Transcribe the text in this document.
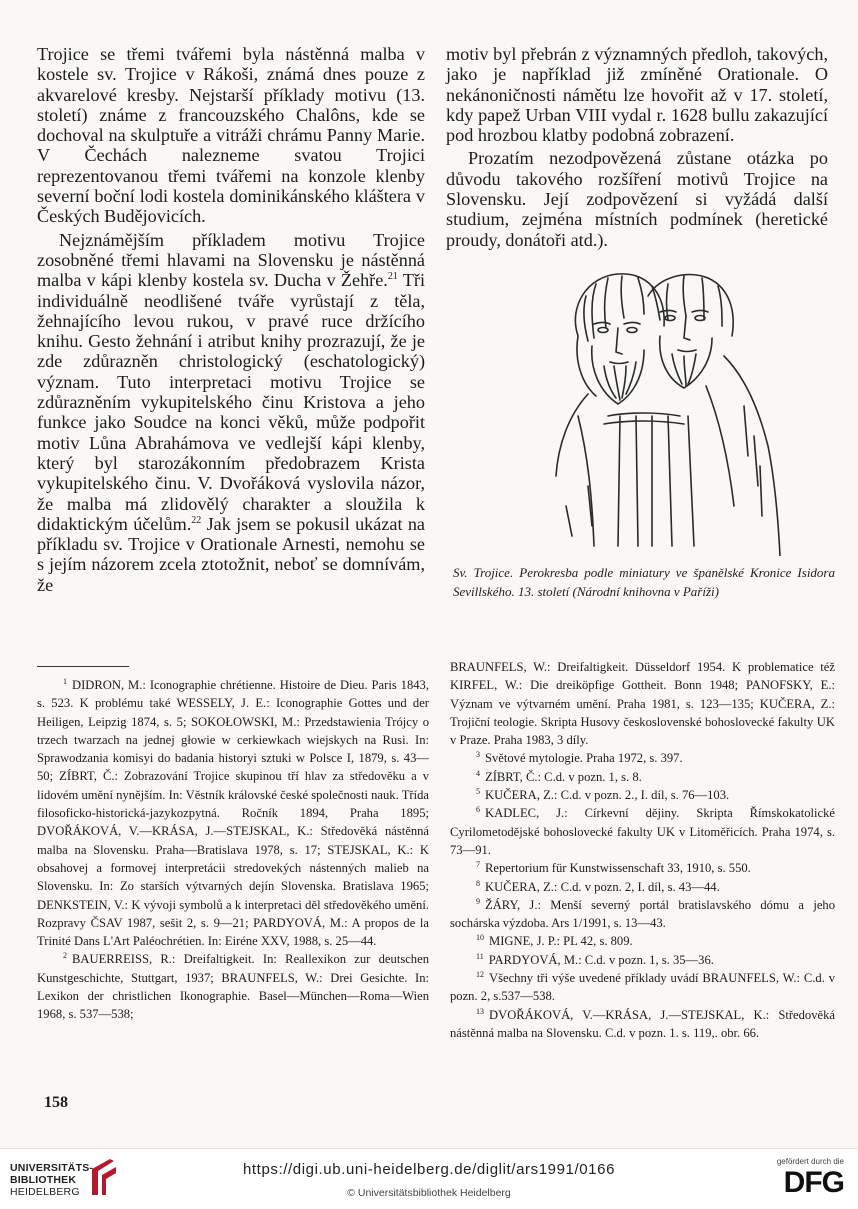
Trojice se třemi tvářemi byla nástěnná malba v kostele sv. Trojice v Rákoši, známá dnes pouze z akvarelové kresby. Nejstarší příklady motivu (13. století) známe z francouzského Chalôns, kde se dochoval na skulptuře a vitráži chrámu Panny Marie. V Čechách nalezneme svatou Trojici reprezentovanou třemi tvářemi na konzole klenby severní boční lodi kostela dominikánského kláštera v Českých Budějovicích.

Nejznámějším příkladem motivu Trojice zosobněné třemi hlavami na Slovensku je nástěnná malba v kápi klenby kostela sv. Ducha v Žehře.$^{21}$ Tři individuálně neodlišené tváře vyrůstají z těla, žehnajícího levou rukou, v pravé ruce držícího knihu. Gesto žehnání i atribut knihy prozrazují, že je zde zdůrazněn christologický (eschatologický) význam. Tuto interpretaci motivu Trojice se zdůrazněním vykupitelského činu Kristova a jeho funkce jako Soudce na konci věků, může podpořit motiv Lůna Abrahámova ve vedlejší kápi klenby, který byl starozákonním předobrazem Krista vykupitelského činu. V. Dvořáková vyslovila názor, že malba má zlidovělý charakter a sloužila k didaktickým účelům.$^{22}$ Jak jsem se pokusil ukázat na příkladu sv. Trojice v Orationale Arnesti, nemohu se s jejím názorem zcela ztotožnit, neboť se domnívám, že

motiv byl přebrán z významných předloh, takových, jako je například již zmíněné Orationale. O nekánoničnosti námětu lze hovořit až v 17. století, kdy papež Urban VIII vydal r. 1628 bullu zakazující pod hrozbou klatby podobná zobrazení.

Prozatím nezodpovězená zůstane otázka po důvodu takového rozšíření motivů Trojice na Slovensku. Její zodpovězení si vyžádá další studium, zejména místních podmínek (heretické proudy, donátoři atd.).

Sv. Trojice. Perokresba podle miniatury ve španělské Kronice Isidora Sevillského. 13. století (Národní knihovna v Paříži)

$^1$ DIDRON, M.: Iconographie chrétienne. Histoire de Dieu. Paris 1843, s. 523. K problému také WESSELY, J. E.: Iconographie Gottes und der Heiligen, Leipzig 1874, s. 5; SOKOŁOWSKI, M.: Przedstawienia Trójcy o trzech twarzach na jednej głowie w cerkiewkach wiejskych na Rusi. In: Sprawodzania komisyi do badania historyi sztuki w Polsce I, 1879, s. 43—50; ZÍBRT, Č.: Zobrazování Trojice skupinou tří hlav za středověku a v lidovém umění nynějším. In: Věstník královské české společnosti nauk. Třída filosoficko-historická-jazykozpytná. Ročník 1894, Praha 1895; DVOŘÁKOVÁ, V.—KRÁSA, J.—STEJSKAL, K.: Středověká nástěnná malba na Slovensku. Praha—Bratislava 1978, s. 17; STEJSKAL, K.: K obsahovej a formovej interpretácii stredovekých nástenných malieb na Slovensku. In: Zo starších výtvarných dejín Slovenska. Bratislava 1965; DENKSTEIN, V.: K vývoji symbolů a k interpretaci děl středověkého umění. Rozpravy ČSAV 1987, sešit 2, s. 9—21; PARDYOVÁ, M.: A propos de la Trinité Dans L'Art Paléochrétien. In: Eiréne XXV, 1988, s. 25—44.

$^2$ BAUERREISS, R.: Dreifaltigkeit. In: Reallexikon zur deutschen Kunstgeschichte, Stuttgart, 1937; BRAUNFELS, W.: Drei Gesichte. In: Lexikon der christlichen Ikonographie. Basel—München—Roma—Wien 1968, s. 537—538;

BRAUNFELS, W.: Dreifaltigkeit. Düsseldorf 1954. K problematice též KIRFEL, W.: Die dreiköpfige Gottheit. Bonn 1948; PANOFSKY, E.: Význam ve výtvarném umění. Praha 1981, s. 123—135; KUČERA, Z.: Trojiční teologie. Skripta Husovy československé bohoslovecké fakulty UK v Praze. Praha 1983, 3 díly.

$^3$ Světové mytologie. Praha 1972, s. 397.

$^4$ ZÍBRT, Č.: C.d. v pozn. 1, s. 8.

$^5$ KUČERA, Z.: C.d. v pozn. 2., I. díl, s. 76—103.

$^6$ KADLEC, J.: Církevní dějiny. Skripta Římskokatolické Cyrilometodějské bohoslovecké fakulty UK v Litoměřicích. Praha 1974, s. 73—91.

$^7$ Repertorium für Kunstwissenschaft 33, 1910, s. 550.

$^8$ KUČERA, Z.: C.d. v pozn. 2, I. díl, s. 43—44.

$^9$ ŽÁRY, J.: Menší severný portál bratislavského dómu a jeho sochárska výzdoba. Ars 1/1991, s. 13—43.

$^{10}$ MIGNE, J. P.: PL 42, s. 809.

$^{11}$ PARDYOVÁ, M.: C.d. v pozn. 1, s. 35—36.

$^{12}$ Všechny tři výše uvedené příklady uvádí BRAUNFELS, W.: C.d. v pozn. 2, s.537—538.

$^{13}$ DVOŘÁKOVÁ, V.—KRÁSA, J.—STEJSKAL, K.: Středověká nástěnná malba na Slovensku. C.d. v pozn. 1. s. 119,. obr. 66.

158
UNIVERSITÄTS-
BIBLIOTHEK
HEIDELBERG
https://digi.ub.uni-heidelberg.de/diglit/ars1991/0166
© Universitätsbibliothek Heidelberg
gefördert durch die
DFG
